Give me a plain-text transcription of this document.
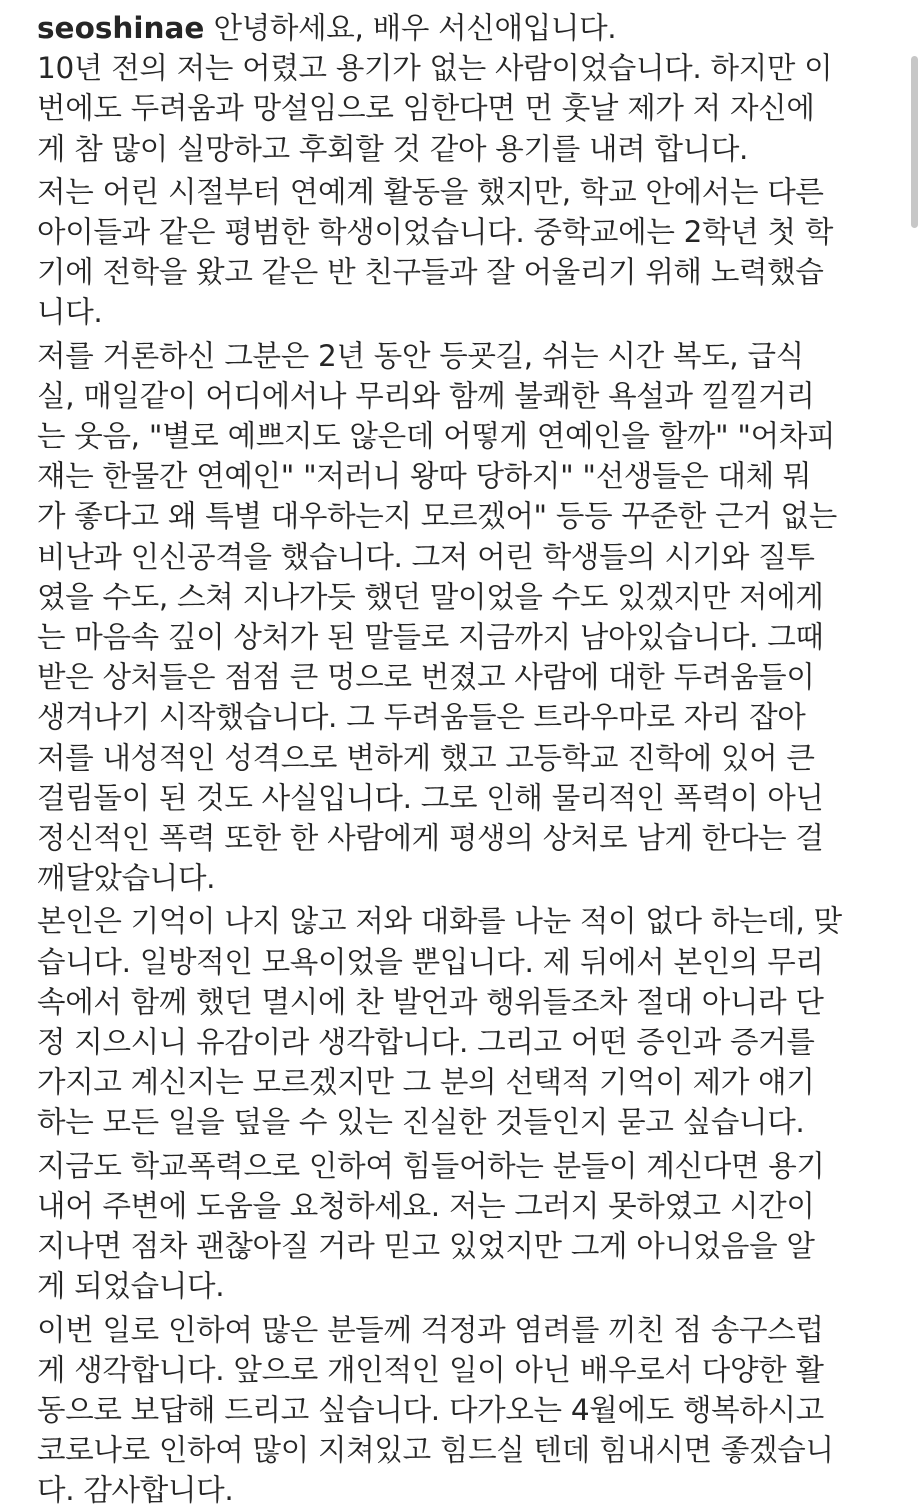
seoshinae 안녕하세요, 배우 서신애입니다.
10년 전의 저는 어렸고 용기가 없는 사람이었습니다. 하지만 이
번에도 두려움과 망설임으로 임한다면 먼 훗날 제가 저 자신에
게 참 많이 실망하고 후회할 것 같아 용기를 내려 합니다.
저는 어린 시절부터 연예계 활동을 했지만, 학교 안에서는 다른
아이들과 같은 평범한 학생이었습니다. 중학교에는 2학년 첫 학
기에 전학을 왔고 같은 반 친구들과 잘 어울리기 위해 노력했습
니다.
저를 거론하신 그분은 2년 동안 등굣길, 쉬는 시간 복도, 급식
실, 매일같이 어디에서나 무리와 함께 불쾌한 욕설과 낄낄거리
는 웃음, "별로 예쁘지도 않은데 어떻게 연예인을 할까" "어차피
쟤는 한물간 연예인" "저러니 왕따 당하지" "선생들은 대체 뭐
가 좋다고 왜 특별 대우하는지 모르겠어" 등등 꾸준한 근거 없는
비난과 인신공격을 했습니다. 그저 어린 학생들의 시기와 질투
였을 수도, 스쳐 지나가듯 했던 말이었을 수도 있겠지만 저에게
는 마음속 깊이 상처가 된 말들로 지금까지 남아있습니다. 그때
받은 상처들은 점점 큰 멍으로 번졌고 사람에 대한 두려움들이
생겨나기 시작했습니다. 그 두려움들은 트라우마로 자리 잡아
저를 내성적인 성격으로 변하게 했고 고등학교 진학에 있어 큰
걸림돌이 된 것도 사실입니다. 그로 인해 물리적인 폭력이 아닌
정신적인 폭력 또한 한 사람에게 평생의 상처로 남게 한다는 걸
깨달았습니다.
본인은 기억이 나지 않고 저와 대화를 나눈 적이 없다 하는데, 맞
습니다. 일방적인 모욕이었을 뿐입니다. 제 뒤에서 본인의 무리
속에서 함께 했던 멸시에 찬 발언과 행위들조차 절대 아니라 단
정 지으시니 유감이라 생각합니다. 그리고 어떤 증인과 증거를
가지고 계신지는 모르겠지만 그 분의 선택적 기억이 제가 얘기
하는 모든 일을 덮을 수 있는 진실한 것들인지 묻고 싶습니다.
지금도 학교폭력으로 인하여 힘들어하는 분들이 계신다면 용기
내어 주변에 도움을 요청하세요. 저는 그러지 못하였고 시간이
지나면 점차 괜찮아질 거라 믿고 있었지만 그게 아니었음을 알
게 되었습니다.
이번 일로 인하여 많은 분들께 걱정과 염려를 끼친 점 송구스럽
게 생각합니다. 앞으로 개인적인 일이 아닌 배우로서 다양한 활
동으로 보답해 드리고 싶습니다. 다가오는 4월에도 행복하시고
코로나로 인하여 많이 지쳐있고 힘드실 텐데 힘내시면 좋겠습니
다. 감사합니다.
